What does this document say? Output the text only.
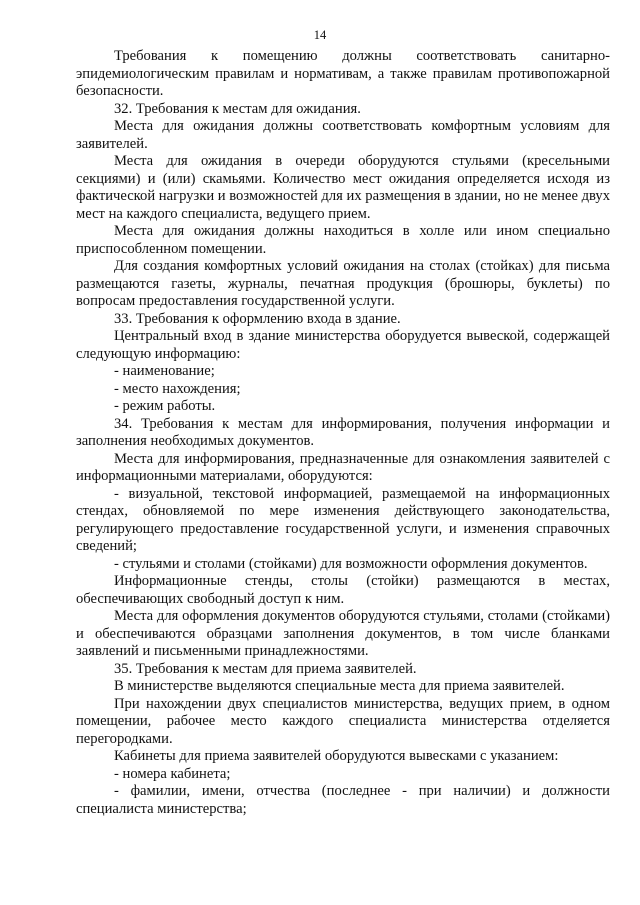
14

Требования к помещению должны соответствовать санитарно-эпидемиологическим правилам и нормативам, а также правилам противопожарной безопасности.

32. Требования к местам для ожидания.

Места для ожидания должны соответствовать комфортным условиям для заявителей.

Места для ожидания в очереди оборудуются стульями (кресельными секциями) и (или) скамьями. Количество мест ожидания определяется исходя из фактической нагрузки и возможностей для их размещения в здании, но не менее двух мест на каждого специалиста, ведущего прием.

Места для ожидания должны находиться в холле или ином специально приспособленном помещении.

Для создания комфортных условий ожидания на столах (стойках) для письма размещаются газеты, журналы, печатная продукция (брошюры, буклеты) по вопросам предоставления государственной услуги.

33. Требования к оформлению входа в здание.

Центральный вход в здание министерства оборудуется вывеской, содержащей следующую информацию:

- наименование;

- место нахождения;

- режим работы.

34. Требования к местам для информирования, получения информации и заполнения необходимых документов.

Места для информирования, предназначенные для ознакомления заявителей с информационными материалами, оборудуются:

- визуальной, текстовой информацией, размещаемой на информационных стендах, обновляемой по мере изменения действующего законодательства, регулирующего предоставление государственной услуги, и изменения справочных сведений;

- стульями и столами (стойками) для возможности оформления документов.

Информационные стенды, столы (стойки) размещаются в местах, обеспечивающих свободный доступ к ним.

Места для оформления документов оборудуются стульями, столами (стойками) и обеспечиваются образцами заполнения документов, в том числе бланками заявлений и письменными принадлежностями.

35. Требования к местам для приема заявителей.

В министерстве выделяются специальные места для приема заявителей.

При нахождении двух специалистов министерства, ведущих прием, в одном помещении, рабочее место каждого специалиста министерства отделяется перегородками.

Кабинеты для приема заявителей оборудуются вывесками с указанием:

- номера кабинета;

- фамилии, имени, отчества (последнее - при наличии) и должности специалиста министерства;
